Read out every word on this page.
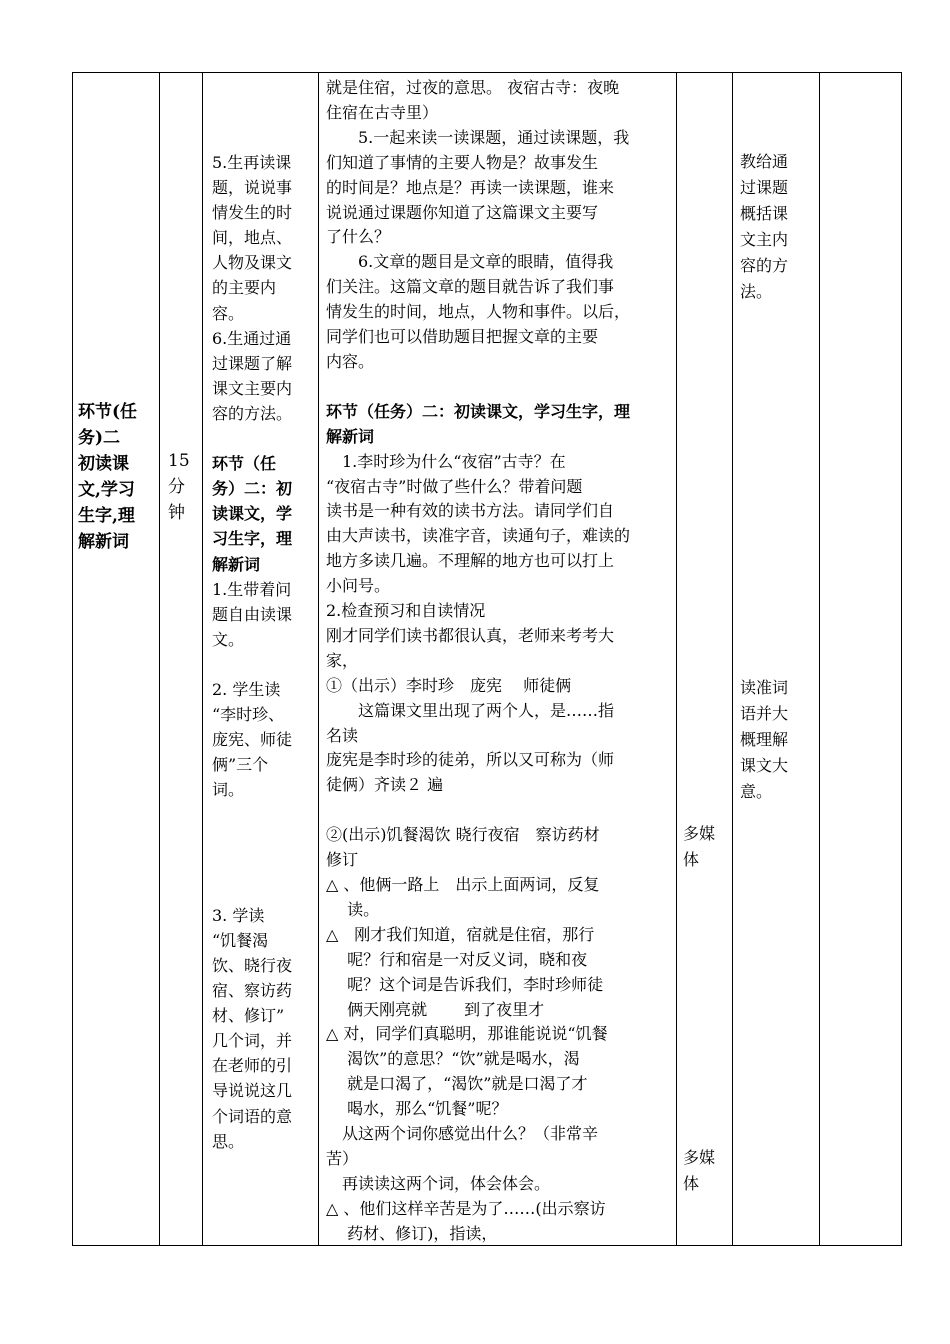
环节(任
务)二
初读课
文,学习
生字,理
解新词
15
分
钟
5.生再读课
题，说说事
情发生的时
间，地点、
人物及课文
的主要内
容。
6.生通过通
过课题了解
课文主要内
容的方法。

环节（任
务）二：初
读课文，学
习生字，理
解新词
1.生带着问
题自由读课
文。

2. 学生读
“李时珍、
庞宪、师徒
俩”三个
词。

3. 学读
“饥餐渴
饮、晓行夜
宿、察访药
材、修订”
几个词，并
在老师的引
导说说这几
个词语的意
思。
就是住宿，过夜的意思。 夜宿古寺：夜晚
住宿在古寺里）
　　5.一起来读一读课题，通过读课题，我
们知道了事情的主要人物是？故事发生
的时间是？地点是？再读一读课题，谁来
说说通过课题你知道了这篇课文主要写
了什么？
　　6.文章的题目是文章的眼睛，值得我
们关注。这篇文章的题目就告诉了我们事
情发生的时间，地点，人物和事件。以后，
同学们也可以借助题目把握文章的主要
内容。

环节（任务）二：初读课文，学习生字，理
解新词
　1.李时珍为什么“夜宿”古寺？在
“夜宿古寺”时做了些什么？带着问题
读书是一种有效的读书方法。请同学们自
由大声读书，读准字音，读通句子，难读的
地方多读几遍。不理解的地方也可以打上
小问号。
2.检查预习和自读情况
刚才同学们读书都很认真，老师来考考大
家，
①（出示）李时珍　庞宪　 师徒俩
　　这篇课文里出现了两个人，是……指
名读
庞宪是李时珍的徒弟，所以又可称为（师
徒俩）齐读２ 遍

②(出示)饥餐渴饮 晓行夜宿　察访药材
修订
△ 、他俩一路上　出示上面两词，反复
　 读。
△　刚才我们知道，宿就是住宿，那行
　 呢？行和宿是一对反义词，晓和夜
　 呢？这个词是告诉我们，李时珍师徒
　 俩天刚亮就　　 到了夜里才
△ 对，同学们真聪明，那谁能说说“饥餐
　 渴饮”的意思？“饮”就是喝水，渴
　 就是口渴了，“渴饮”就是口渴了才
　 喝水，那么“饥餐”呢？
　从这两个词你感觉出什么？（非常辛
苦）
　再读读这两个词，体会体会。
△ 、他们这样辛苦是为了……(出示察访
　 药材、修订)，指读，
多媒
体
多媒
体
教给通
过课题
概括课
文主内
容的方
法。
读准词
语并大
概理解
课文大
意。
